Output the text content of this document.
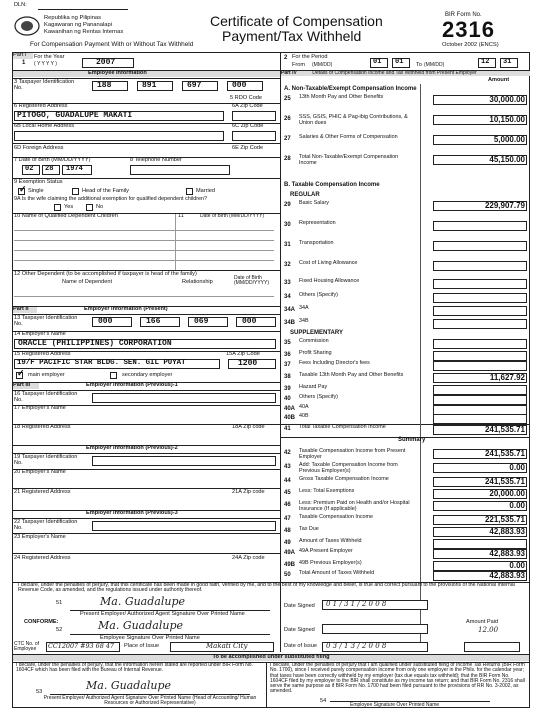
DLN:
Republika ng Pilipinas
Kagawaran ng Pananalapi
Kawanihan ng Rentas Internas
Certificate of Compensation
Payment/Tax Withheld
BIR Form No.
2316
October 2002 (ENCS)
For Compensation Payment With or Without Tax Withheld
Part I
1
For the Year
( Y Y Y Y )	2007	2 For the Period
From (MM/DD)	01 01 To (MM/DD)	12 31
Employee Information
3 Taxpayer Identification No.	188	891	697	000
5 RDO Code
6 Registered Address	6A Zip Code
PITOGO, GUADALUPE MAKATI
6B Local Home Address	6C Zip Code
6D Foreign Address	6E Zip Code
7 Date of Birth (MM/DD/YYYY)	8 Telephone Number
02 28 1974
9 Exemption Status
✓ Single	Head of the Family	Married
9A Is the wife claiming the additional exemption for qualified dependent children?
Yes	No
10 Name of Qualified Dependent Children	11	Date of Birth (MM/DD/YYYY)
12 Other Dependent (to be accomplished if taxpayer is head of the family)
Name of Dependent	Relationship
Date of Birth (MM/DD/YYYY)
Part II	Employer Information (Present)
13 Taxpayer Identification No.	000	166	069	000
14 Employer's Name
ORACLE (PHILIPPINES) CORPORATION
15 Registered Address	15A Zip Code
19/F PACIFIC STAR BLDG. SEN. GIL PUYAT	1200
✓ main employer	secondary employer
Part III	Employer Information (Previous)-1
16 Taxpayer Identification No.
17 Employer's Name
18 Registered Address	18A Zip code
Employer Information (Previous)-2
19 Taxpayer Identification No.
20 Employer's Name
21 Registered Address	21A Zip code
Employer Information (Previous)-3
22 Taxpayer Identification No.
23 Employer's Name
24 Registered Address	24A Zip code
Part IV	Details of Compensation Income and Tax Withheld from Present Employer
Amount
A. Non-Taxable/Exempt Compensation Income
25 13th Month Pay and Other Benefits	30,000.00
26 SSS, GSIS, PHIC & Pag-ibig Contributions, & Union dues	10,150.00
27 Salaries & Other Forms of Compensation	5,000.00
28 Total Non-Taxable/Exempt Compensation Income	45,150.00
B. Taxable Compensation Income
REGULAR
29 Basic Salary	229,907.79
30 Representation
31 Transportation
32 Cost of Living Allowance
33 Fixed Housing Allowance
34 Others (Specify)
34A 34A
34B 34B
SUPPLEMENTARY
35 Commission
36 Profit Sharing
37 Fees Including Director's fees
38 Taxable 13th Month Pay and Other Benefits	11,627.92
39 Hazard Pay
40 Others (Specify)
40A 40A
40B 40B
41 Total Taxable Compensation Income	241,535.71
Summary
42 Taxable Compensation Income from Present Employer	241,535.71
43 Add: Taxable Compensation Income from Previous Employer(s)	0.00
44 Gross Taxable Compensation Income	241,535.71
45 Less: Total Exemptions	20,000.00
46 Less: Premium Paid on Health and/or Hospital Insurance (If applicable)	0.00
47 Taxable Compensation Income	221,535.71
48 Tax Due	42,883.93
49 Amount of Taxes Withheld
49A 49A Present Employer	42,883.93
49B 49B Previous Employer(s)	0.00
50 Total Amount of Taxes Withheld	42,883.93
I declare, under the penalties of perjury, that this certificate has been made in good faith, verified by me, and to the best of my knowledge and belief, is true and correct pursuant to the provisions of the National Internal Revenue Code, as amended, and the regulations issued under authority thereof.
51	Ma. Guadalupe
Present Employer/ Authorized Agent Signature Over Printed Name
Date Signed 0 1 / 3 1 / 2 0 0 8
CONFORME:
52	Ma. Guadalupe
Employee Signature Over Printed Name
Date Signed
Amount Paid
12.00
CTC No. of Employee	CC12007 #93 68 47 Place of Issue	Makati City	Date of Issue 0 3 / 1 3 / 2 0 0 8
To be accomplished under substituted filing
I declare, under the penalties of perjury, that the information herein stated are reported under BIR Form No. 1604CF which has been filed with the Bureau of Internal Revenue.
53	Ma. Guadalupe
Present Employer/ Authorized Agent Signature Over Printed Name (Head of Accounting/ Human Resources or Authorized Representative)
I declare, under the penalties of perjury that I am qualified under substituted filing of Income Tax Returns (BIR Form No. 1700), since I received purely compensation income from only one employer in the Phils. for the calendar year; that taxes have been correctly withheld by my employer (tax due equals tax withheld); that the BIR Form No. 1604CF filed by my employer to the BIR shall constitute as my income tax return; and that BIR Form No. 2316 shall serve the same purpose as if BIR Form No. 1700 had been filed pursuant to the provisions of RR No. 3-2002, as amended.
54
Employee Signature Over Printed Name
